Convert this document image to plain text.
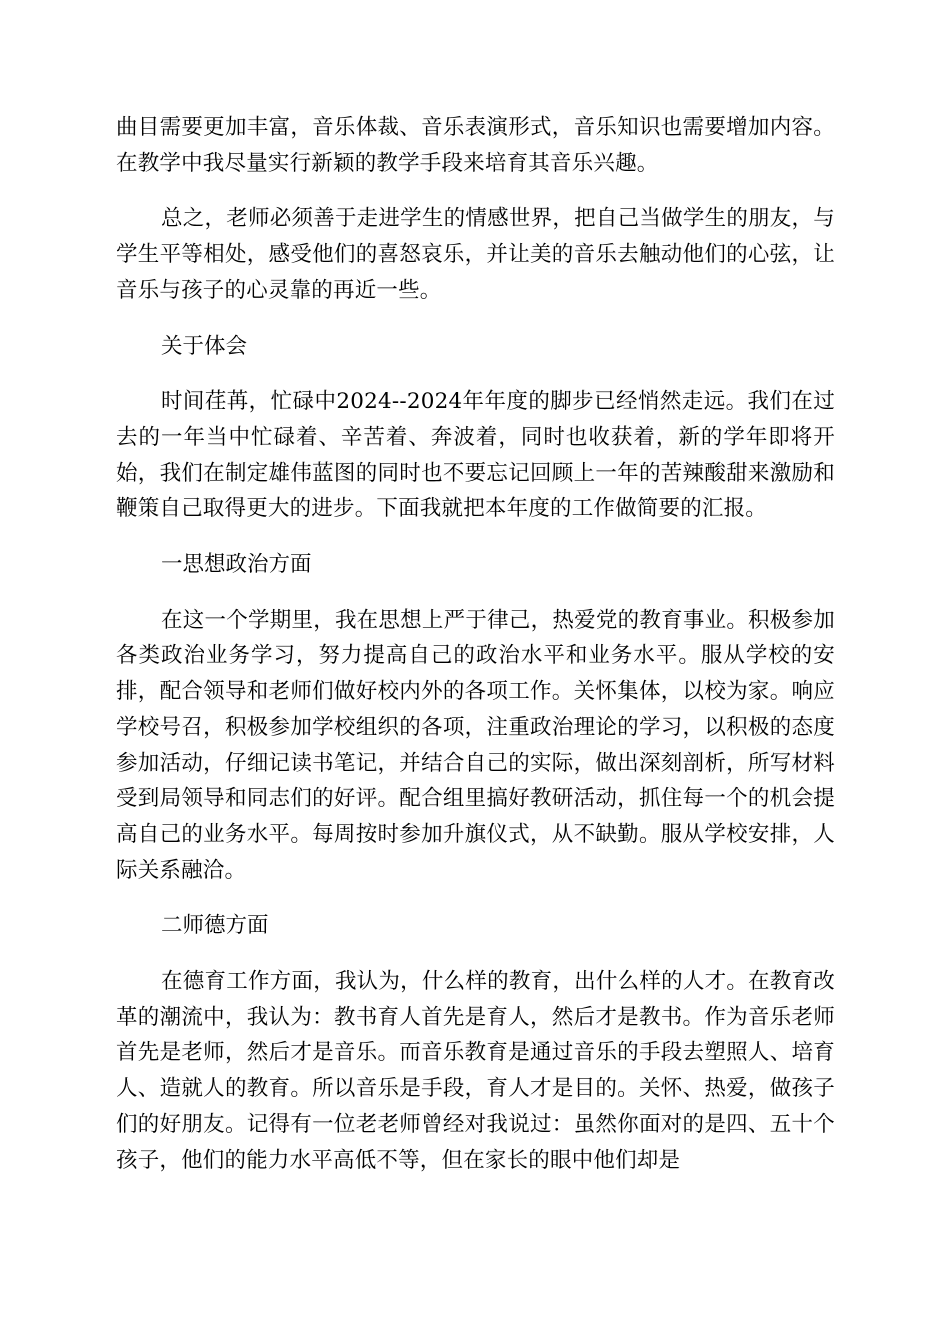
曲目需要更加丰富，音乐体裁、音乐表演形式，音乐知识也需要增加内容。在教学中我尽量实行新颖的教学手段来培育其音乐兴趣。

总之，老师必须善于走进学生的情感世界，把自己当做学生的朋友，与学生平等相处，感受他们的喜怒哀乐，并让美的音乐去触动他们的心弦，让音乐与孩子的心灵靠的再近一些。

关于体会

时间荏苒，忙碌中2024--2024年年度的脚步已经悄然走远。我们在过去的一年当中忙碌着、辛苦着、奔波着，同时也收获着，新的学年即将开始，我们在制定雄伟蓝图的同时也不要忘记回顾上一年的苦辣酸甜来激励和鞭策自己取得更大的进步。下面我就把本年度的工作做简要的汇报。

一思想政治方面

在这一个学期里，我在思想上严于律己，热爱党的教育事业。积极参加各类政治业务学习，努力提高自己的政治水平和业务水平。服从学校的安排，配合领导和老师们做好校内外的各项工作。关怀集体，以校为家。响应学校号召，积极参加学校组织的各项，注重政治理论的学习，以积极的态度参加活动，仔细记读书笔记，并结合自己的实际，做出深刻剖析，所写材料受到局领导和同志们的好评。配合组里搞好教研活动，抓住每一个的机会提高自己的业务水平。每周按时参加升旗仪式，从不缺勤。服从学校安排，人际关系融洽。

二师德方面

在德育工作方面，我认为，什么样的教育，出什么样的人才。在教育改革的潮流中，我认为：教书育人首先是育人，然后才是教书。作为音乐老师首先是老师，然后才是音乐。而音乐教育是通过音乐的手段去塑照人、培育人、造就人的教育。所以音乐是手段，育人才是目的。关怀、热爱，做孩子们的好朋友。记得有一位老老师曾经对我说过：虽然你面对的是四、五十个孩子，他们的能力水平高低不等，但在家长的眼中他们却是
